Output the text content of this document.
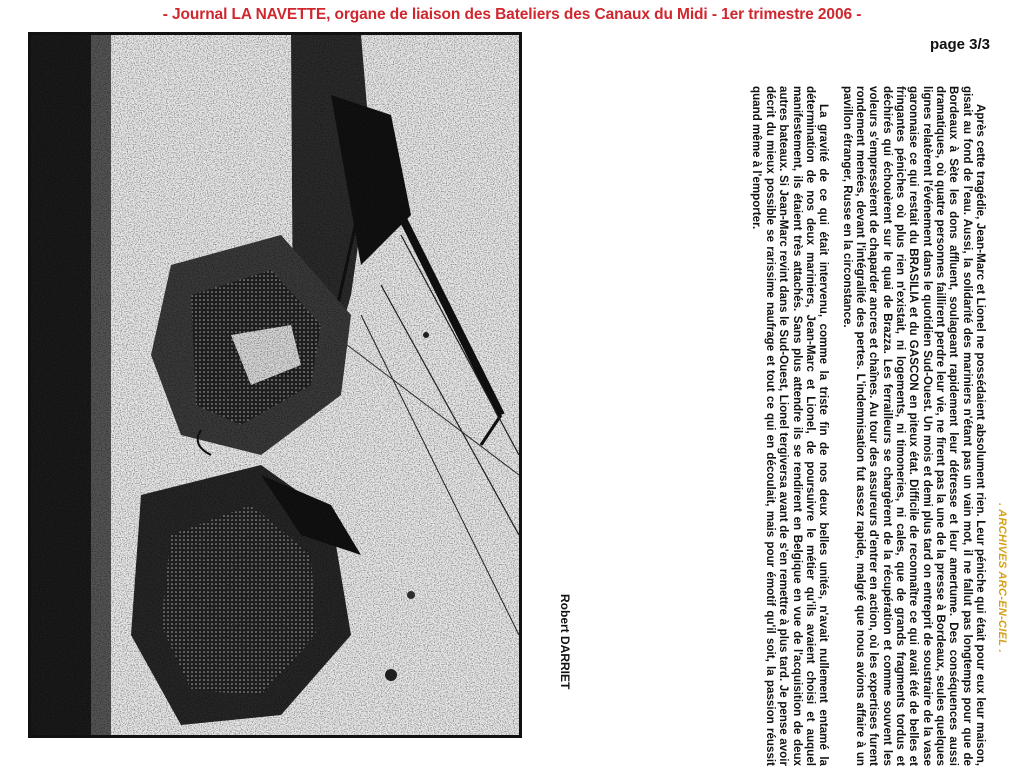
- Journal LA NAVETTE, organe de liaison des Bateliers des Canaux du Midi - 1er trimestre 2006 -
page 3/3
. ARCHIVES ARC-EN-CIEL .

Après cette tragédie, Jean-Marc et Lionel ne possédaient absolument rien. Leur péniche qui était pour eux leur maison, gisait au fond de l'eau. Aussi, la solidarité des mariniers n'étant pas un vain mot, il ne fallut pas longtemps pour que de Bordeaux à Sète les dons affluent, soulageant rapidement leur détresse et leur amertume. Des conséquences aussi dramatiques, où quatre personnes faillirent perdre leur vie, ne firent pas la une de la presse à Bordeaux, seules quelques lignes relatèrent l'événement dans le quotidien Sud-Ouest. Un mois et demi plus tard on entreprit de soustraire de la vase garonnaise ce qui restait du BRASILIA et du GASCON en piteux état. Difficile de reconnaître ce qui avait été de belles et fringantes péniches où plus rien n'existait, ni logements, ni timoneries, ni cales, que de grands fragments tordus et déchirés qui échouèrent sur le quai de Brazza. Les ferrailleurs se chargèrent de la récupération et comme souvent les voleurs s'empressèrent de chaparder ancres et chaînes. Au tour des assureurs d'entrer en action, où les expertises furent rondement menées, devant l'intégralité des pertes. L'indemnisation fut assez rapide, malgré que nous avions affaire à un pavillon étranger, Russe en la circonstance.

La gravité de ce qui était intervenu, comme la triste fin de nos deux belles unités, n'avait nullement entamé la détermination de nos deux mariniers, Jean-Marc et Lionel, de poursuivre le métier qu'ils avaient choisi et auquel manifestement, ils étaient très attachés. Sans plus attendre ils se rendirent en Belgique en vue de l'acquisition de deux autres bateaux. Si Jean-Marc revint dans le Sud-Ouest, Lionel tergiversa avant de s'en remettre à plus tard. Je pense avoir décrit du mieux possible se rarissime naufrage et tout ce qui en découlait, mais pour émotif qu'il soit, la passion réussit quand même à l'emporter.

Robert DARRIET
